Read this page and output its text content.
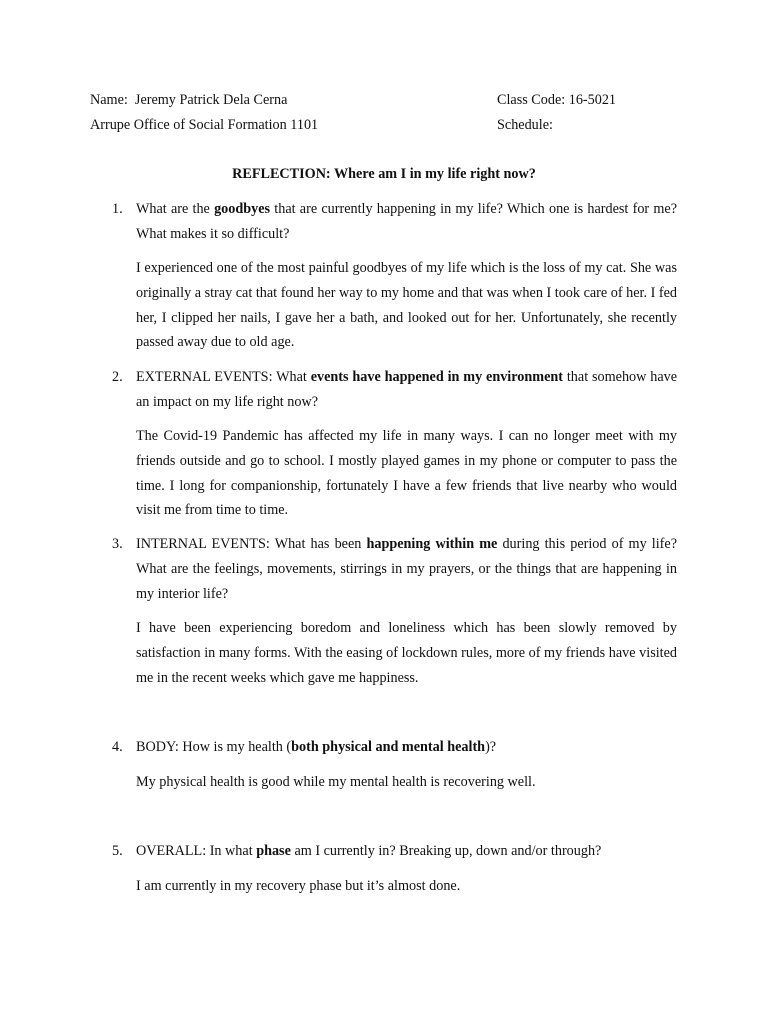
Name: Jeremy Patrick Dela Cerna
Arrupe Office of Social Formation 1101
Class Code: 16-5021
Schedule:
REFLECTION: Where am I in my life right now?
1. What are the goodbyes that are currently happening in my life? Which one is hardest for me? What makes it so difficult?
I experienced one of the most painful goodbyes of my life which is the loss of my cat. She was originally a stray cat that found her way to my home and that was when I took care of her. I fed her, I clipped her nails, I gave her a bath, and looked out for her. Unfortunately, she recently passed away due to old age.
2. EXTERNAL EVENTS: What events have happened in my environment that somehow have an impact on my life right now?
The Covid-19 Pandemic has affected my life in many ways. I can no longer meet with my friends outside and go to school. I mostly played games in my phone or computer to pass the time. I long for companionship, fortunately I have a few friends that live nearby who would visit me from time to time.
3. INTERNAL EVENTS: What has been happening within me during this period of my life? What are the feelings, movements, stirrings in my prayers, or the things that are happening in my interior life?
I have been experiencing boredom and loneliness which has been slowly removed by satisfaction in many forms. With the easing of lockdown rules, more of my friends have visited me in the recent weeks which gave me happiness.
4. BODY: How is my health (both physical and mental health)?
My physical health is good while my mental health is recovering well.
5. OVERALL: In what phase am I currently in? Breaking up, down and/or through?
I am currently in my recovery phase but it’s almost done.
